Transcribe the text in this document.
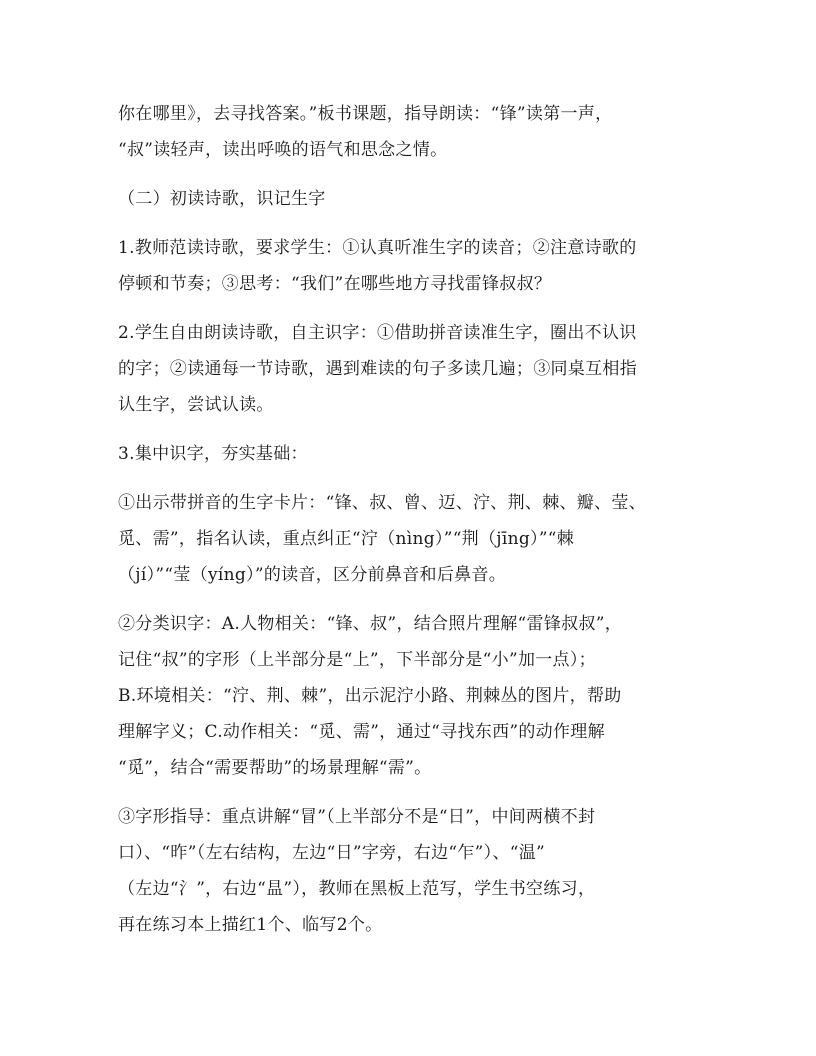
你在哪里》，去寻找答案。”板书课题，指导朗读：“锋”读第一声，
“叔”读轻声，读出呼唤的语气和思念之情。
（二）初读诗歌，识记生字
1.教师范读诗歌，要求学生：①认真听准生字的读音；②注意诗歌的
停顿和节奏；③思考：“我们”在哪些地方寻找雷锋叔叔？
2.学生自由朗读诗歌，自主识字：①借助拼音读准生字，圈出不认识
的字；②读通每一节诗歌，遇到难读的句子多读几遍；③同桌互相指
认生字，尝试认读。
3.集中识字，夯实基础：
①出示带拼音的生字卡片：“锋、叔、曾、迈、泞、荆、棘、瓣、莹、
觅、需”，指名认读，重点纠正“泞（nìng）”“荆（jīng）”“棘
（jí）”“莹（yíng）”的读音，区分前鼻音和后鼻音。
②分类识字：A.人物相关：“锋、叔”，结合照片理解“雷锋叔叔”，
记住“叔”的字形（上半部分是“上”，下半部分是“小”加一点）；
B.环境相关：“泞、荆、棘”，出示泥泞小路、荆棘丛的图片，帮助
理解字义；C.动作相关：“觅、需”，通过“寻找东西”的动作理解
“觅”，结合“需要帮助”的场景理解“需”。
③字形指导：重点讲解“冒”（上半部分不是“日”，中间两横不封
口）、“昨”（左右结构，左边“日”字旁，右边“乍”）、“温”
（左边“氵”，右边“昷”），教师在黑板上范写，学生书空练习，
再在练习本上描红1个、临写2个。
